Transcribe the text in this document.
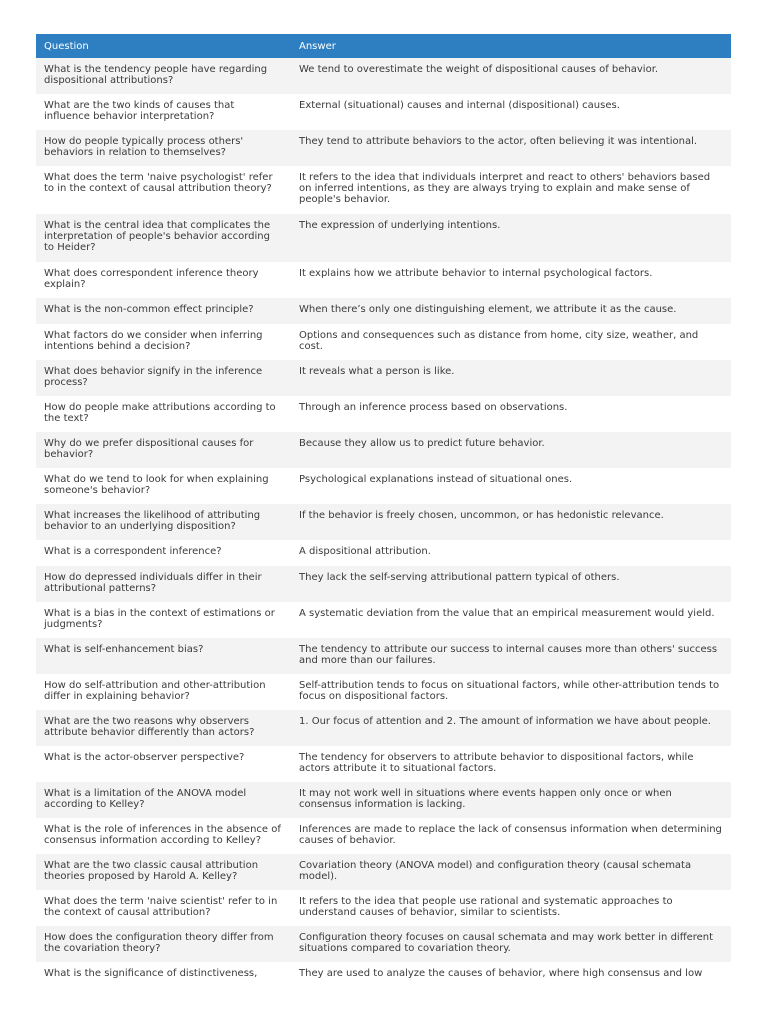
Question	Answer
What is the tendency people have regarding dispositional attributions?	We tend to overestimate the weight of dispositional causes of behavior.
What are the two kinds of causes that influence behavior interpretation?	External (situational) causes and internal (dispositional) causes.
How do people typically process others' behaviors in relation to themselves?	They tend to attribute behaviors to the actor, often believing it was intentional.
What does the term 'naive psychologist' refer to in the context of causal attribution theory?	It refers to the idea that individuals interpret and react to others' behaviors based on inferred intentions, as they are always trying to explain and make sense of people's behavior.
What is the central idea that complicates the interpretation of people's behavior according to Heider?	The expression of underlying intentions.
What does correspondent inference theory explain?	It explains how we attribute behavior to internal psychological factors.
What is the non-common effect principle?	When there’s only one distinguishing element, we attribute it as the cause.
What factors do we consider when inferring intentions behind a decision?	Options and consequences such as distance from home, city size, weather, and cost.
What does behavior signify in the inference process?	It reveals what a person is like.
How do people make attributions according to the text?	Through an inference process based on observations.
Why do we prefer dispositional causes for behavior?	Because they allow us to predict future behavior.
What do we tend to look for when explaining someone's behavior?	Psychological explanations instead of situational ones.
What increases the likelihood of attributing behavior to an underlying disposition?	If the behavior is freely chosen, uncommon, or has hedonistic relevance.
What is a correspondent inference?	A dispositional attribution.
How do depressed individuals differ in their attributional patterns?	They lack the self-serving attributional pattern typical of others.
What is a bias in the context of estimations or judgments?	A systematic deviation from the value that an empirical measurement would yield.
What is self-enhancement bias?	The tendency to attribute our success to internal causes more than others' success and more than our failures.
How do self-attribution and other-attribution differ in explaining behavior?	Self-attribution tends to focus on situational factors, while other-attribution tends to focus on dispositional factors.
What are the two reasons why observers attribute behavior differently than actors?	1. Our focus of attention and 2. The amount of information we have about people.
What is the actor-observer perspective?	The tendency for observers to attribute behavior to dispositional factors, while actors attribute it to situational factors.
What is a limitation of the ANOVA model according to Kelley?	It may not work well in situations where events happen only once or when consensus information is lacking.
What is the role of inferences in the absence of consensus information according to Kelley?	Inferences are made to replace the lack of consensus information when determining causes of behavior.
What are the two classic causal attribution theories proposed by Harold A. Kelley?	Covariation theory (ANOVA model) and configuration theory (causal schemata model).
What does the term 'naive scientist' refer to in the context of causal attribution?	It refers to the idea that people use rational and systematic approaches to understand causes of behavior, similar to scientists.
How does the configuration theory differ from the covariation theory?	Configuration theory focuses on causal schemata and may work better in different situations compared to covariation theory.
What is the significance of distinctiveness,	They are used to analyze the causes of behavior, where high consensus and low
